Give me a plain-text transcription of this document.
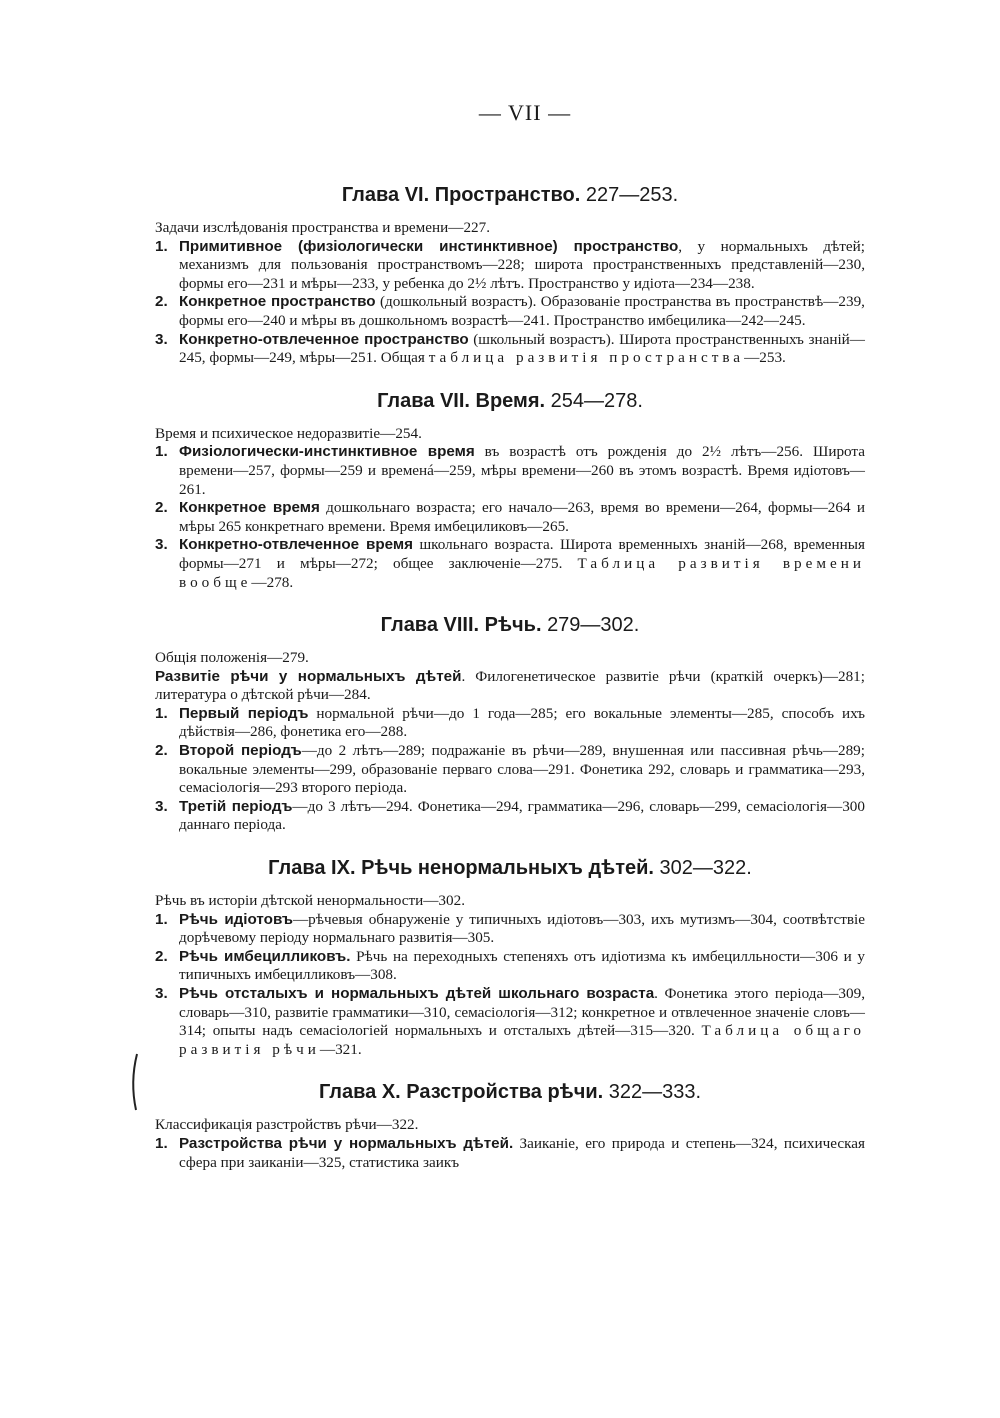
— VII —
Глава VI. Пространство. 227—253.
Задачи изслѣдованія пространства и времени—227.
1. Примитивное (физіологически инстинктивное) пространство, у нормальныхъ дѣтей; механизмъ для пользованія пространствомъ—228; широта пространственныхъ представленій—230, формы его—231 и мѣры—233, у ребенка до 2½ лѣтъ. Пространство у идіота—234—238.
2. Конкретное пространство (дошкольный возрастъ). Образованіе пространства въ пространствѣ—239, формы его—240 и мѣры въ дошкольномъ возрастѣ—241. Пространство имбецилика—242—245.
3. Конкретно-отвлеченное пространство (школьный возрастъ). Широта пространственныхъ знаній—245, формы—249, мѣры—251. Общая таблица развитія пространства—253.
Глава VII. Время. 254—278.
Время и психическое недоразвитіе—254.
1. Физіологически-инстинктивное время въ возрастѣ отъ рожденія до 2½ лѣтъ—256. Широта времени—257, формы—259 и временá—259, мѣры времени—260 въ этомъ возрастѣ. Время идіотовъ—261.
2. Конкретное время дошкольнаго возраста; его начало—263, время во времени—264, формы—264 и мѣры 265 конкретнаго времени. Время имбециликовъ—265.
3. Конкретно-отвлеченное время школьнаго возраста. Широта временныхъ знаній—268, временныя формы—271 и мѣры—272; общее заключеніе—275. Таблица развитія времени вообще—278.
Глава VIII. Рѣчь. 279—302.
Общія положенія—279.
Развитіе рѣчи у нормальныхъ дѣтей. Филогенетическое развитіе рѣчи (краткій очеркъ)—281; литература о дѣтской рѣчи—284.
1. Первый періодъ нормальной рѣчи—до 1 года—285; его вокальные элементы—285, способъ ихъ дѣйствія—286, фонетика его—288.
2. Второй періодъ—до 2 лѣтъ—289; подражаніе въ рѣчи—289, внушенная или пассивная рѣчь—289; вокальные элементы—299, образованіе перваго слова—291. Фонетика 292, словарь и грамматика—293, семасіологія—293 второго періода.
3. Третій періодъ—до 3 лѣтъ—294. Фонетика—294, грамматика—296, словарь—299, семасіологія—300 даннаго періода.
Глава IX. Рѣчь ненормальныхъ дѣтей. 302—322.
Рѣчь въ исторіи дѣтской ненормальности—302.
1. Рѣчь идіотовъ—рѣчевыя обнаруженіе у типичныхъ идіотовъ—303, ихъ мутизмъ—304, соотвѣтствіе дорѣчевому періоду нормальнаго развитія—305.
2. Рѣчь имбецилликовъ. Рѣчь на переходныхъ степеняхъ отъ идіотизма къ имбецилльности—306 и у типичныхъ имбецилликовъ—308.
3. Рѣчь отсталыхъ и нормальныхъ дѣтей школьнаго возраста. Фонетика этого періода—309, словарь—310, развитіе грамматики—310, семасіологія—312; конкретное и отвлеченное значеніе словъ—314; опыты надъ семасіологіей нормальныхъ и отсталыхъ дѣтей—315—320. Таблица общаго развитія рѣчи—321.
Глава X. Разстройства рѣчи. 322—333.
Классификація разстройствъ рѣчи—322.
1. Разстройства рѣчи у нормальныхъ дѣтей. Заиканіе, его природа и степень—324, психическая сфера при заиканіи—325, статистика заикъ
